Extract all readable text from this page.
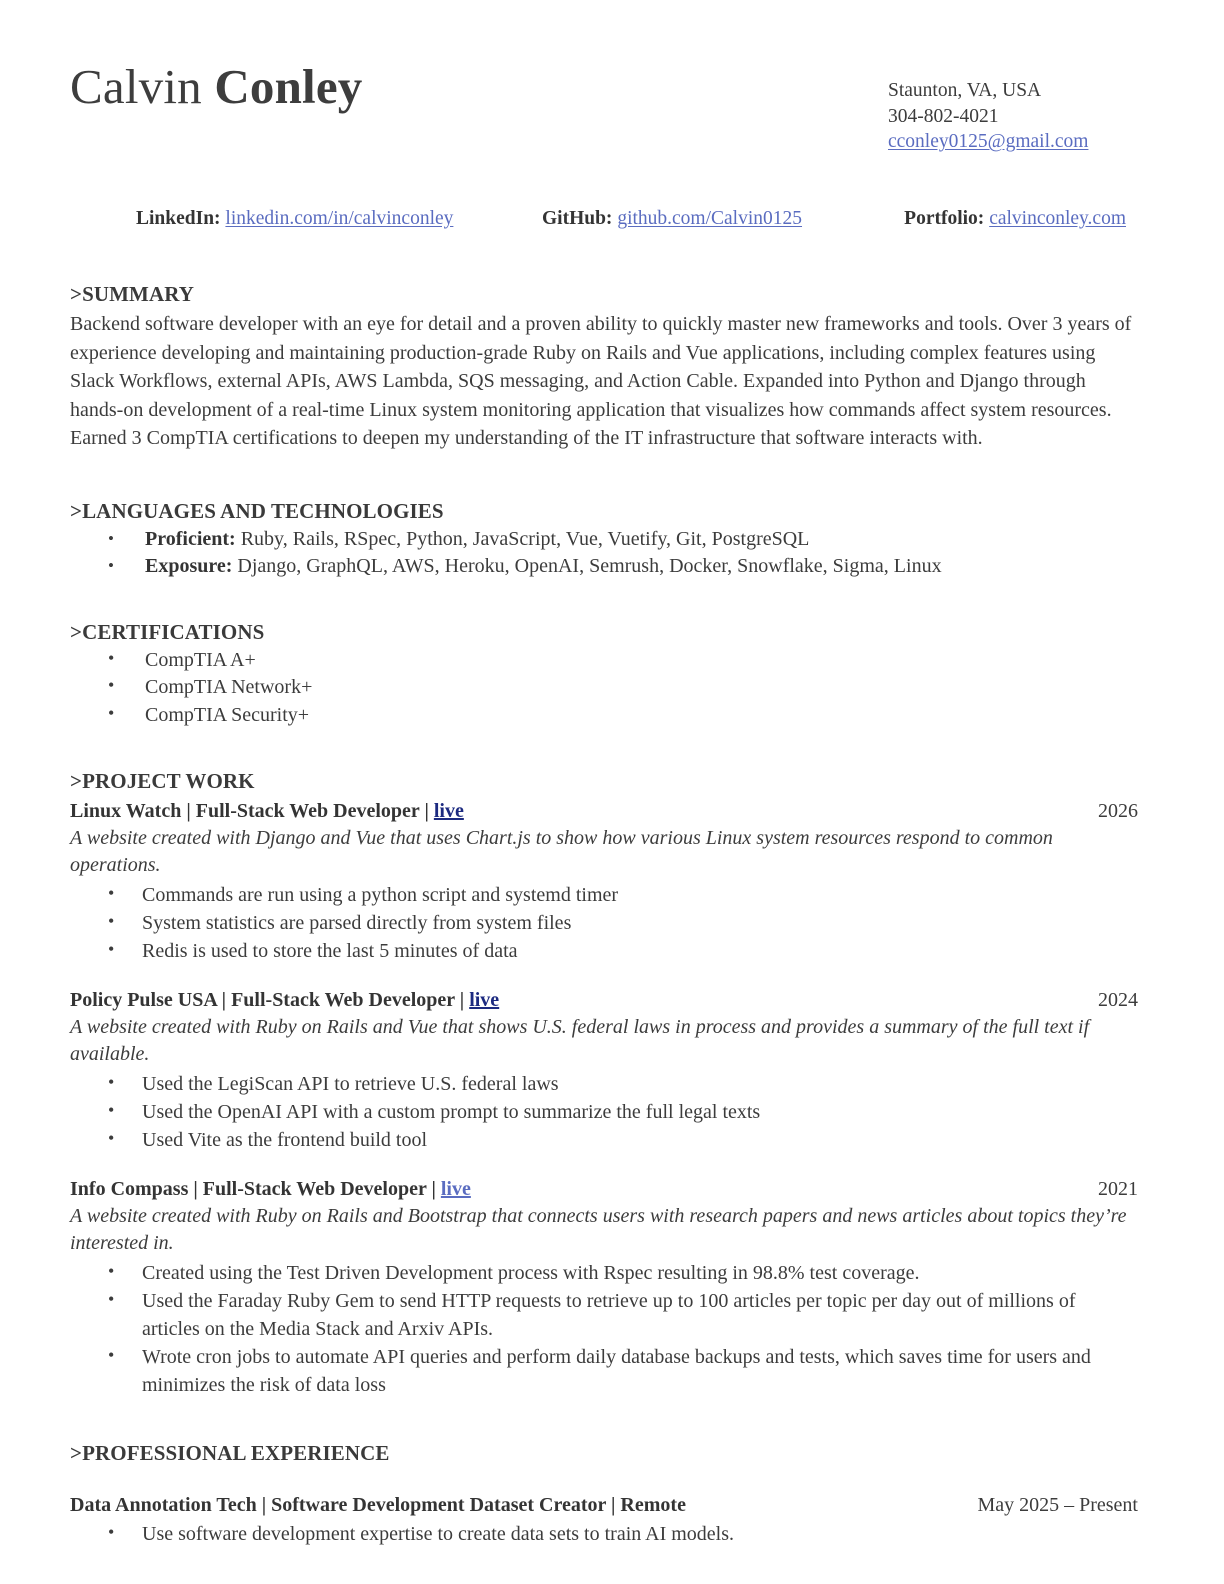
Calvin Conley	Staunton, VA, USA
304-802-4021
cconley0125@gmail.com
LinkedIn: linkedin.com/in/calvinconley	GitHub: github.com/Calvin0125	Portfolio: calvinconley.com
>SUMMARY
Backend software developer with an eye for detail and a proven ability to quickly master new frameworks and tools. Over 3 years of experience developing and maintaining production-grade Ruby on Rails and Vue applications, including complex features using Slack Workflows, external APIs, AWS Lambda, SQS messaging, and Action Cable. Expanded into Python and Django through hands-on development of a real-time Linux system monitoring application that visualizes how commands affect system resources. Earned 3 CompTIA certifications to deepen my understanding of the IT infrastructure that software interacts with.
>LANGUAGES AND TECHNOLOGIES
• Proficient: Ruby, Rails, RSpec, Python, JavaScript, Vue, Vuetify, Git, PostgreSQL
• Exposure: Django, GraphQL, AWS, Heroku, OpenAI, Semrush, Docker, Snowflake, Sigma, Linux
>CERTIFICATIONS
• CompTIA A+
• CompTIA Network+
• CompTIA Security+
>PROJECT WORK
Linux Watch | Full-Stack Web Developer | live	2026
A website created with Django and Vue that uses Chart.js to show how various Linux system resources respond to common operations.
• Commands are run using a python script and systemd timer
• System statistics are parsed directly from system files
• Redis is used to store the last 5 minutes of data
Policy Pulse USA | Full-Stack Web Developer | live	2024
A website created with Ruby on Rails and Vue that shows U.S. federal laws in process and provides a summary of the full text if available.
• Used the LegiScan API to retrieve U.S. federal laws
• Used the OpenAI API with a custom prompt to summarize the full legal texts
• Used Vite as the frontend build tool
Info Compass | Full-Stack Web Developer | live	2021
A website created with Ruby on Rails and Bootstrap that connects users with research papers and news articles about topics they’re interested in.
• Created using the Test Driven Development process with Rspec resulting in 98.8% test coverage.
• Used the Faraday Ruby Gem to send HTTP requests to retrieve up to 100 articles per topic per day out of millions of articles on the Media Stack and Arxiv APIs.
• Wrote cron jobs to automate API queries and perform daily database backups and tests, which saves time for users and minimizes the risk of data loss
>PROFESSIONAL EXPERIENCE
Data Annotation Tech | Software Development Dataset Creator | Remote	May 2025 – Present
• Use software development expertise to create data sets to train AI models.
